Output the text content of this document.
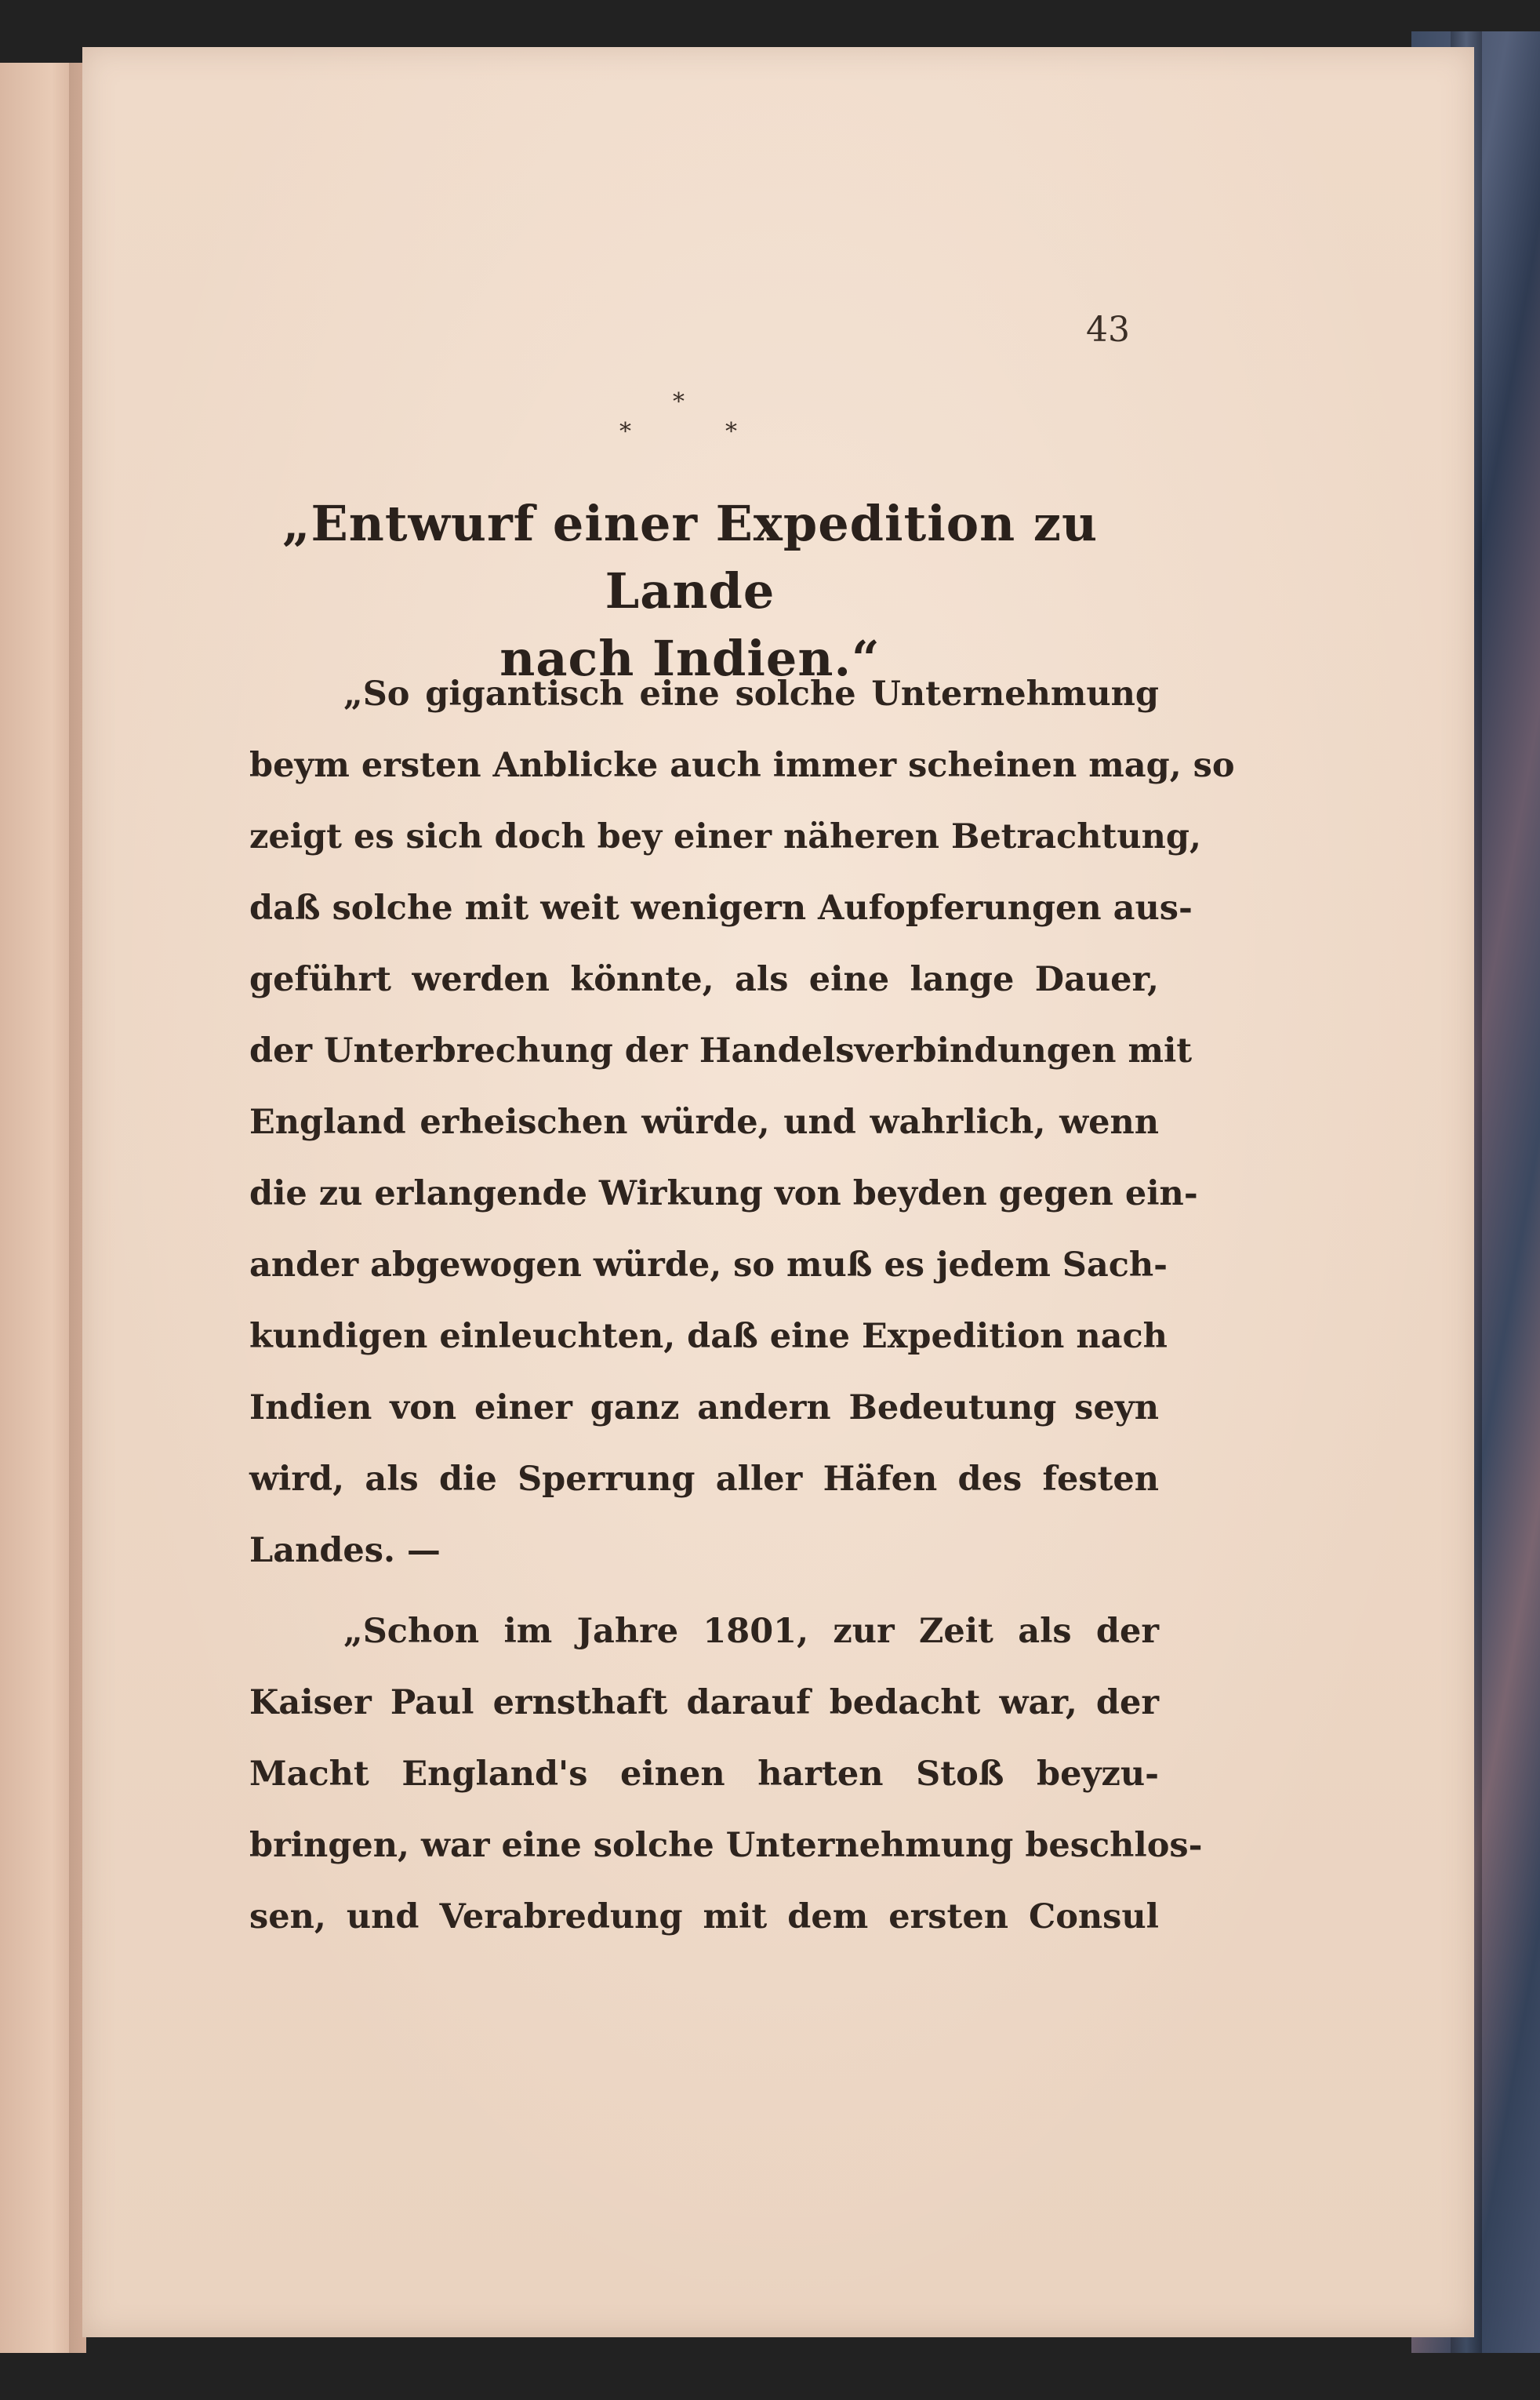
43
*
*	*
„Entwurf einer Expedition zu Lande
nach Indien.“
„So gigantisch eine solche Unternehmung
beym ersten Anblicke auch immer scheinen mag, so
zeigt es sich doch bey einer näheren Betrachtung,
daß solche mit weit wenigern Aufopferungen aus-
geführt werden könnte, als eine lange Dauer,
der Unterbrechung der Handelsverbindungen mit
England erheischen würde, und wahrlich, wenn
die zu erlangende Wirkung von beyden gegen ein-
ander abgewogen würde, so muß es jedem Sach-
kundigen einleuchten, daß eine Expedition nach
Indien von einer ganz andern Bedeutung seyn
wird, als die Sperrung aller Häfen des festen
Landes. —
„Schon im Jahre 1801, zur Zeit als der
Kaiser Paul ernsthaft darauf bedacht war, der
Macht England's einen harten Stoß beyzu-
bringen, war eine solche Unternehmung beschlos-
sen, und Verabredung mit dem ersten Consul
